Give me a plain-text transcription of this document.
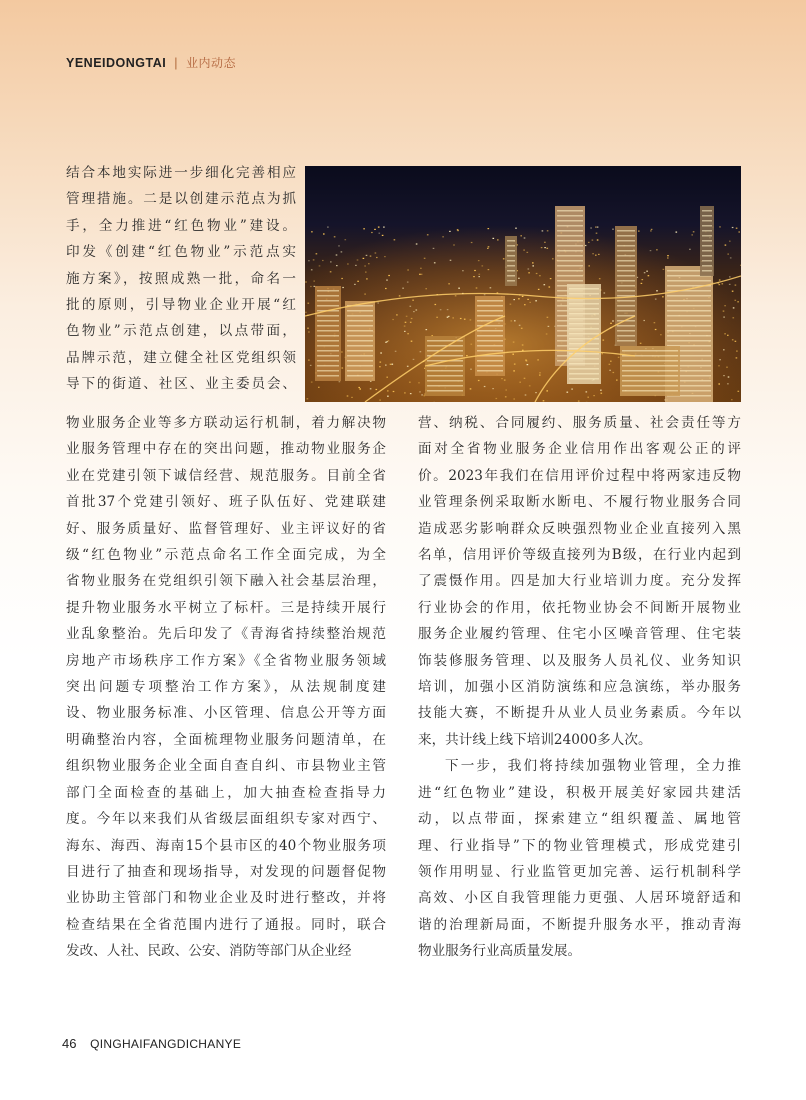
YENEIDONGTAI | 业内动态
结合本地实际进一步细化完善相应
管理措施。二是以创建示范点为抓
手，全力推进“红色物业”建设。
印发《创建“红色物业”示范点实
施方案》，按照成熟一批，命名一
批的原则，引导物业企业开展“红
色物业”示范点创建，以点带面，
品牌示范，建立健全社区党组织领
导下的街道、社区、业主委员会、
物业服务企业等多方联动运行机制，着力解决物
业服务管理中存在的突出问题，推动物业服务企
业在党建引领下诚信经营、规范服务。目前全省
首批37个党建引领好、班子队伍好、党建联建
好、服务质量好、监督管理好、业主评议好的省
级“红色物业”示范点命名工作全面完成，为全
省物业服务在党组织引领下融入社会基层治理，
提升物业服务水平树立了标杆。三是持续开展行
业乱象整治。先后印发了《青海省持续整治规范
房地产市场秩序工作方案》《全省物业服务领域
突出问题专项整治工作方案》，从法规制度建
设、物业服务标准、小区管理、信息公开等方面
明确整治内容，全面梳理物业服务问题清单，在
组织物业服务企业全面自查自纠、市县物业主管
部门全面检查的基础上，加大抽查检查指导力
度。今年以来我们从省级层面组织专家对西宁、
海东、海西、海南15个县市区的40个物业服务项
目进行了抽查和现场指导，对发现的问题督促物
业协助主管部门和物业企业及时进行整改，并将
检查结果在全省范围内进行了通报。同时，联合
发改、人社、民政、公安、消防等部门从企业经
营、纳税、合同履约、服务质量、社会责任等方
面对全省物业服务企业信用作出客观公正的评
价。2023年我们在信用评价过程中将两家违反物
业管理条例采取断水断电、不履行物业服务合同
造成恶劣影响群众反映强烈物业企业直接列入黑
名单，信用评价等级直接列为B级，在行业内起到
了震慑作用。四是加大行业培训力度。充分发挥
行业协会的作用，依托物业协会不间断开展物业
服务企业履约管理、住宅小区噪音管理、住宅装
饰装修服务管理、以及服务人员礼仪、业务知识
培训，加强小区消防演练和应急演练，举办服务
技能大赛，不断提升从业人员业务素质。今年以
来，共计线上线下培训24000多人次。
下一步，我们将持续加强物业管理，全力推
进“红色物业”建设，积极开展美好家园共建活
动，以点带面，探索建立“组织覆盖、属地管
理、行业指导”下的物业管理模式，形成党建引
领作用明显、行业监管更加完善、运行机制科学
高效、小区自我管理能力更强、人居环境舒适和
谐的治理新局面，不断提升服务水平，推动青海
物业服务行业高质量发展。
46 QINGHAIFANGDICHANYE
